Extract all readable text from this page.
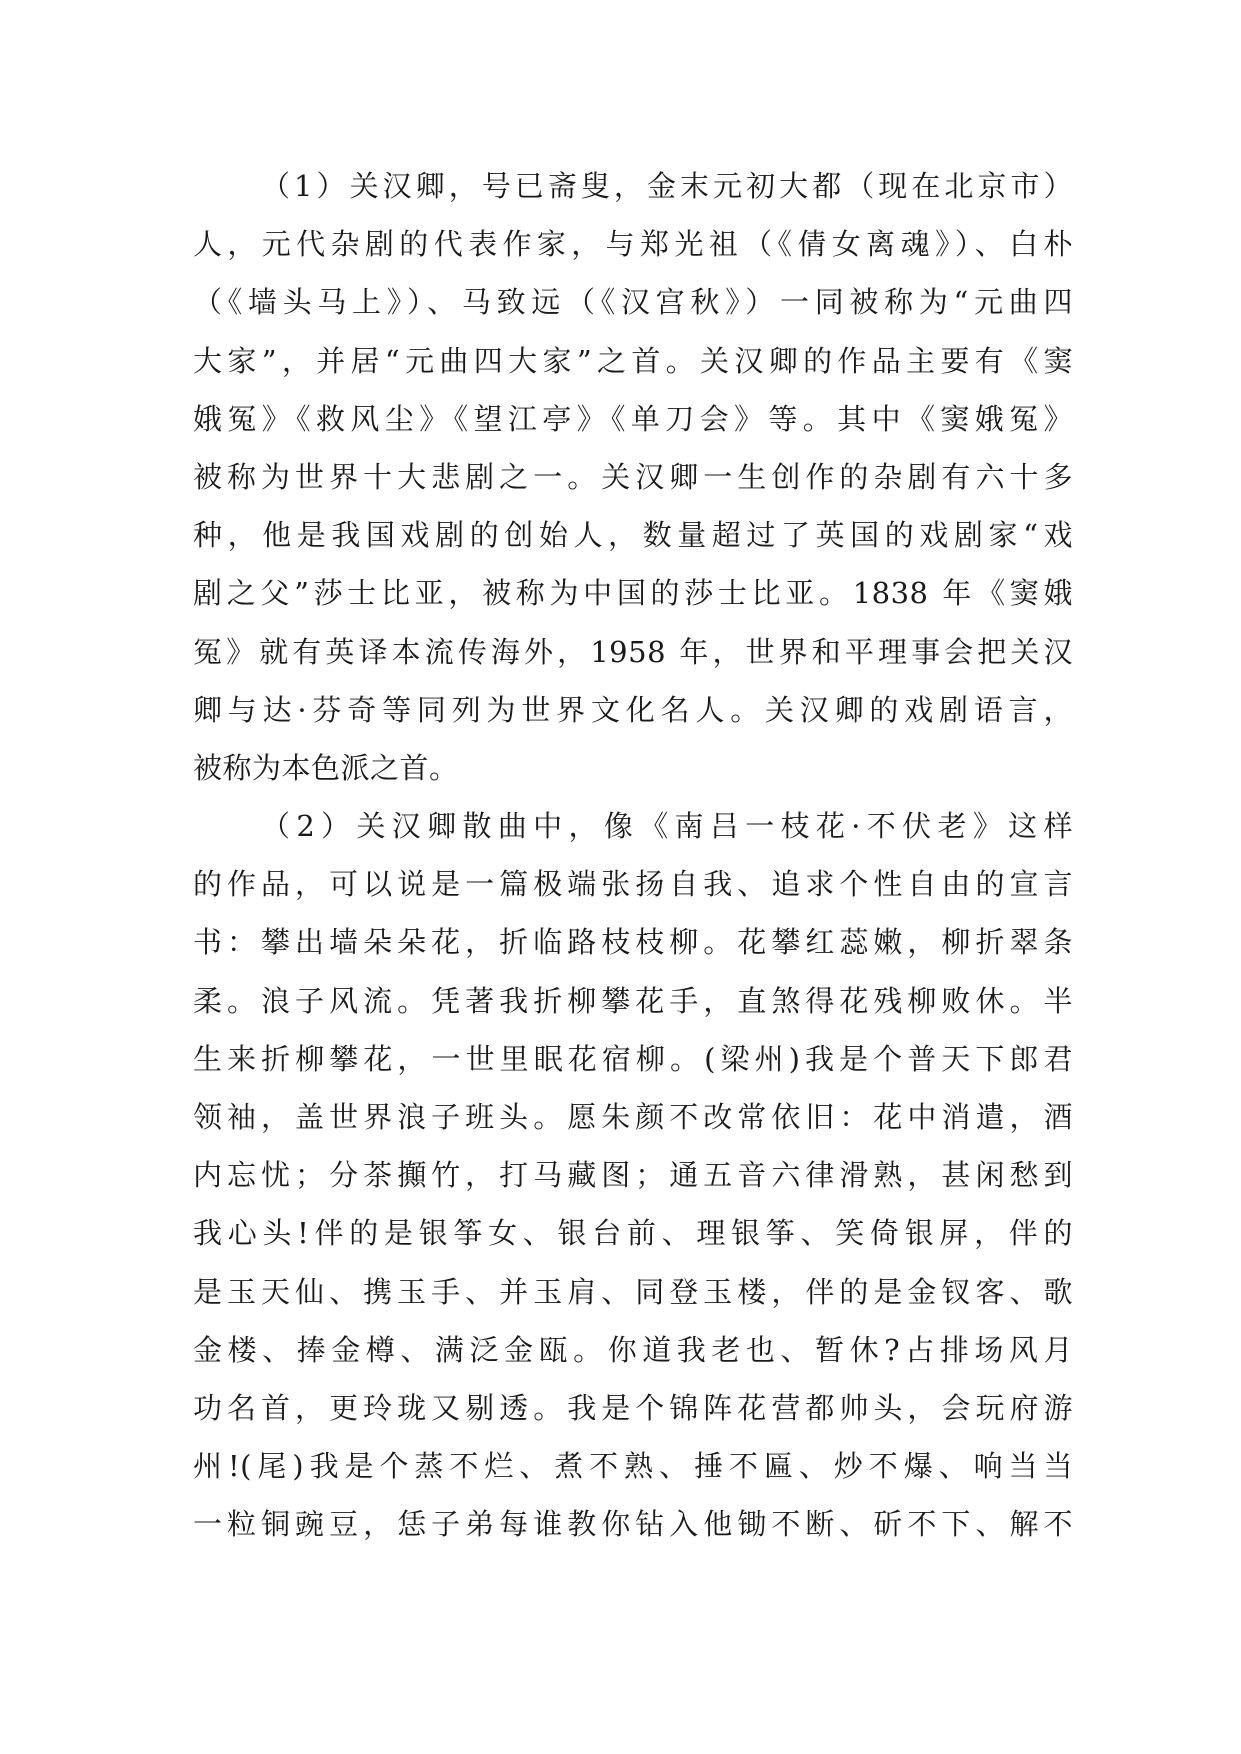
（1）关汉卿，号已斋叟，金末元初大都（现在北京市）
人，元代杂剧的代表作家，与郑光祖（《倩女离魂》）、白朴
（《墙头马上》）、马致远（《汉宫秋》）一同被称为“元曲四
大家”，并居“元曲四大家”之首。关汉卿的作品主要有《窦
娥冤》《救风尘》《望江亭》《单刀会》等。其中《窦娥冤》
被称为世界十大悲剧之一。关汉卿一生创作的杂剧有六十多
种，他是我国戏剧的创始人，数量超过了英国的戏剧家“戏
剧之父”莎士比亚，被称为中国的莎士比亚。1838 年《窦娥
冤》就有英译本流传海外，1958 年，世界和平理事会把关汉
卿与达·芬奇等同列为世界文化名人。关汉卿的戏剧语言，
被称为本色派之首。
（2）关汉卿散曲中，像《南吕一枝花·不伏老》这样
的作品，可以说是一篇极端张扬自我、追求个性自由的宣言
书：攀出墙朵朵花，折临路枝枝柳。花攀红蕊嫩，柳折翠条
柔。浪子风流。凭著我折柳攀花手，直煞得花残柳败休。半
生来折柳攀花，一世里眠花宿柳。(梁州)我是个普天下郎君
领袖，盖世界浪子班头。愿朱颜不改常依旧：花中消遣，酒
内忘忧；分茶攧竹，打马藏图；通五音六律滑熟，甚闲愁到
我心头!伴的是银筝女、银台前、理银筝、笑倚银屏，伴的
是玉天仙、携玉手、并玉肩、同登玉楼，伴的是金钗客、歌
金楼、捧金樽、满泛金瓯。你道我老也、暂休?占排场风月
功名首，更玲珑又剔透。我是个锦阵花营都帅头，会玩府游
州!(尾)我是个蒸不烂、煮不熟、捶不匾、炒不爆、响当当
一粒铜豌豆，恁子弟每谁教你钻入他锄不断、斫不下、解不
